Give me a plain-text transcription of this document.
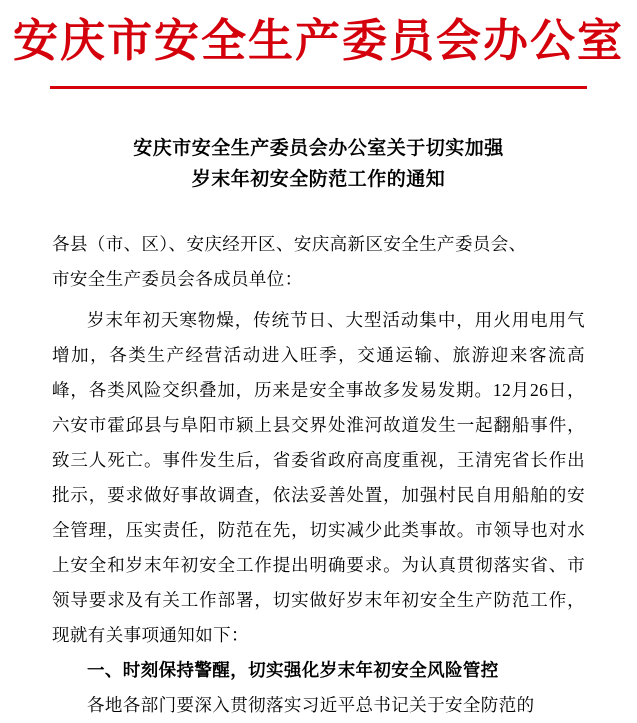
安庆市安全生产委员会办公室
安庆市安全生产委员会办公室关于切实加强
岁末年初安全防范工作的通知
各县（市、区）、安庆经开区、安庆高新区安全生产委员会、
市安全生产委员会各成员单位：

岁末年初天寒物燥，传统节日、大型活动集中，用火用电用气增加，各类生产经营活动进入旺季，交通运输、旅游迎来客流高峰，各类风险交织叠加，历来是安全事故多发易发期。12月26日，六安市霍邱县与阜阳市颍上县交界处淮河故道发生一起翻船事件，致三人死亡。事件发生后，省委省政府高度重视，王清宪省长作出批示，要求做好事故调查，依法妥善处置，加强村民自用船舶的安全管理，压实责任，防范在先，切实减少此类事故。市领导也对水上安全和岁末年初安全工作提出明确要求。为认真贯彻落实省、市领导要求及有关工作部署，切实做好岁末年初安全生产防范工作，现就有关事项通知如下：

一、时刻保持警醒，切实强化岁末年初安全风险管控

各地各部门要深入贯彻落实习近平总书记关于安全防范的
